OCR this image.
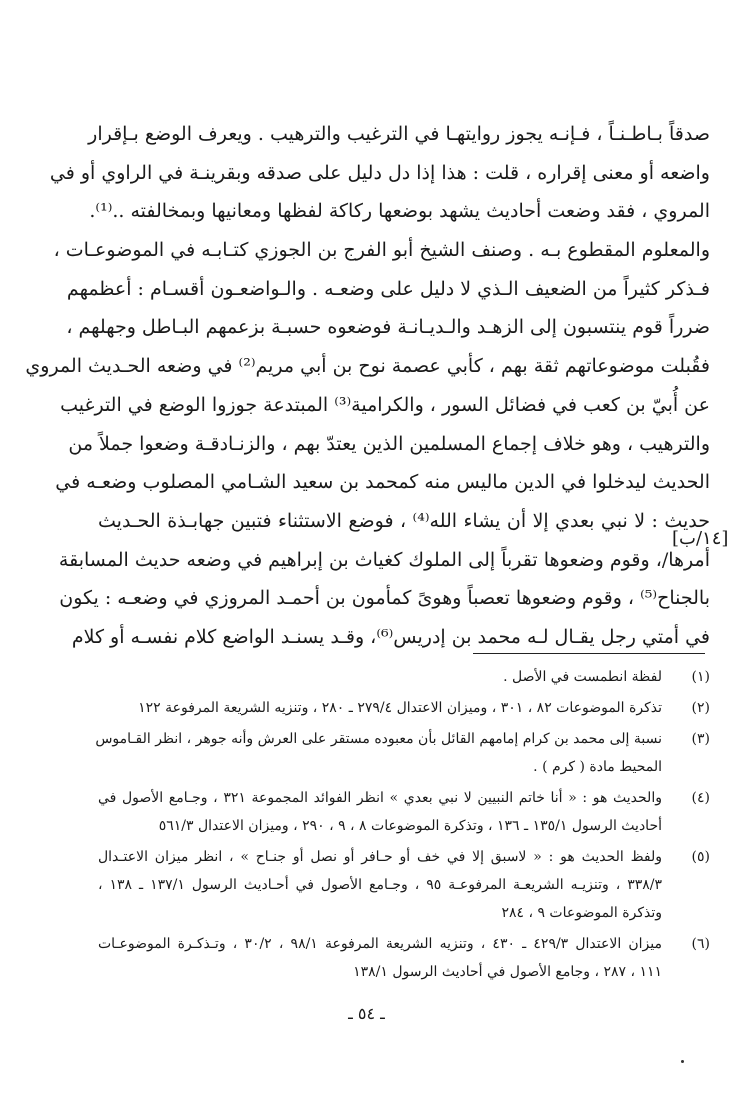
صدقاً بـاطـنـاً ، فـإنـه يجوز روايتهـا في الترغيب والترهيب . ويعرف الوضع بـإقرار
واضعه أو معنى إقراره ، قلت : هذا إذا دل دليل على صدقه وبقرينـة في الراوي أو في
المروي ، فقد وضعت أحاديث يشهد بوضعها ركاكة لفظها ومعانيها وبمخالفته ..⁽¹⁾.
والمعلوم المقطوع بـه . وصنف الشيخ أبو الفرج بن الجوزي كتـابـه في الموضوعـات ،
فـذكر كثيراً من الضعيف الـذي لا دليل على وضعـه . والـواضعـون أقسـام : أعظمهم
ضرراً قوم ينتسبون إلى الزهـد والـديـانـة فوضعوه حسبـة بزعمهم البـاطل وجهلهم ،
فقُبلت موضوعاتهم ثقة بهم ، كأبي عصمة نوح بن أبي مريم⁽²⁾ في وضعه الحـديث المروي
عن أُبيّ بن كعب في فضائل السور ، والكرامية⁽³⁾ المبتدعة جوزوا الوضع في الترغيب
والترهيب ، وهو خلاف إجماع المسلمين الذين يعتدّ بهم ، والزنـادقـة وضعوا جملاً من
الحديث ليدخلوا في الدين ماليس منه كمحمد بن سعيد الشـامي المصلوب وضعـه في
حديث : لا نبي بعدي إلا أن يشاء الله⁽⁴⁾ ، فوضع الاستثناء فتبين جهابـذة الحـديث
أمرها/، وقوم وضعوها تقرباً إلى الملوك كغياث بن إبراهيم في وضعه حديث المسابقة
بالجناح⁽⁵⁾ ، وقوم وضعوها تعصباً وهوىً كمأمون بن أحمـد المروزي في وضعـه : يكون
في أمتي رجل يقـال لـه محمد بن إدريس⁽⁶⁾، وقـد يسنـد الواضع كلام نفسـه أو كلام
[١٤/ب]
(١)
لفظة انطمست في الأصل .
(٢)
تذكرة الموضوعات ٨٢ ، ٣٠١ ، وميزان الاعتدال ٢٧٩/٤ ـ ٢٨٠ ، وتنزيه الشريعة المرفوعة ١٢٢
(٣)
نسبة إلى محمد بن كرام إمامهم القائل بأن معبوده مستقر على العرش وأنه جوهر ، انظر القـاموس
المحيط مادة ( كرم ) .
(٤)
والحديث هو : « أنا خاتم النبيين لا نبي بعدي » انظر الفوائد المجموعة ٣٢١ ، وجـامع الأصول في
أحاديث الرسول ١٣٥/١ ـ ١٣٦ ، وتذكرة الموضوعات ٨ ، ٩ ، ٢٩٠ ، وميزان الاعتدال ٥٦١/٣
(٥)
ولفظ الحديث هو : « لاسبق إلا في خف أو حـافر أو نصل أو جنـاح » ، انظر ميزان الاعتـدال
٣٣٨/٣ ، وتنزيـه الشريعـة المرفوعـة ٩٥ ، وجـامع الأصول في أحـاديث الرسول ١٣٧/١ ـ ١٣٨ ،
وتذكرة الموضوعات ٩ ، ٢٨٤
(٦)
ميزان الاعتدال ٤٢٩/٣ ـ ٤٣٠ ، وتنزيه الشريعة المرفوعة ٩٨/١ ، ٣٠/٢ ، وتـذكـرة الموضوعـات
١١١ ، ٢٨٧ ، وجامع الأصول في أحاديث الرسول ١٣٨/١
ـ ٥٤ ـ
